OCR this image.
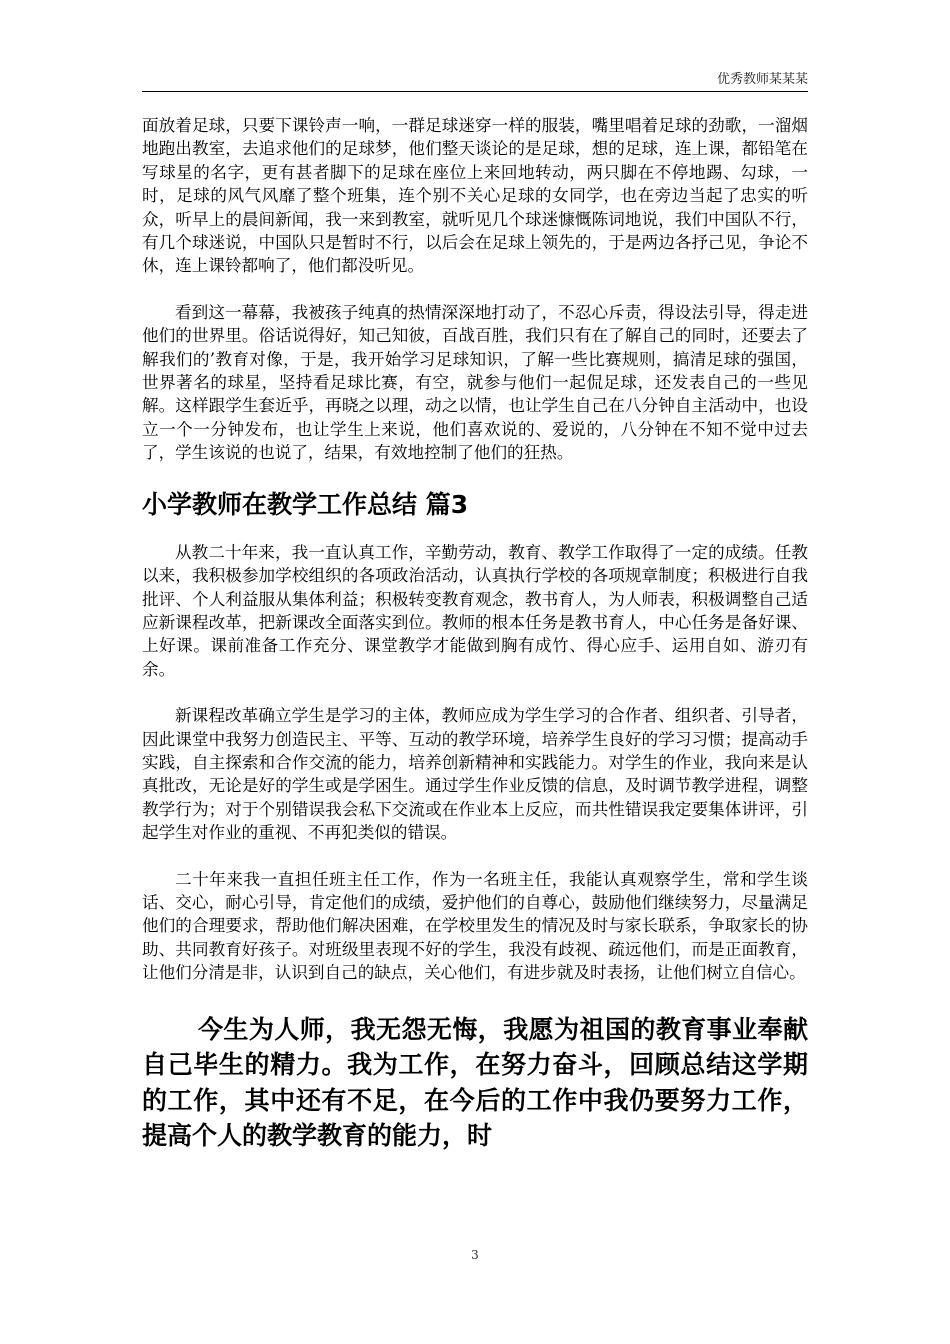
优秀教师某某某

面放着足球，只要下课铃声一响，一群足球迷穿一样的服装，嘴里唱着足球的劲歌，一溜烟地跑出教室，去追求他们的足球梦，他们整天谈论的是足球，想的足球，连上课，都铅笔在写球星的名字，更有甚者脚下的足球在座位上来回地转动，两只脚在不停地踢、勾球，一时，足球的风气风靡了整个班集，连个别不关心足球的女同学，也在旁边当起了忠实的听众，听早上的晨间新闻，我一来到教室，就听见几个球迷慷慨陈词地说，我们中国队不行，有几个球迷说，中国队只是暂时不行，以后会在足球上领先的，于是两边各抒己见，争论不休，连上课铃都响了，他们都没听见。

看到这一幕幕，我被孩子纯真的热情深深地打动了，不忍心斥责，得设法引导，得走进他们的世界里。俗话说得好，知己知彼，百战百胜，我们只有在了解自己的同时，还要去了解我们的’教育对像，于是，我开始学习足球知识，了解一些比赛规则，搞清足球的强国，世界著名的球星，坚持看足球比赛，有空，就参与他们一起侃足球，还发表自己的一些见解。这样跟学生套近乎，再晓之以理，动之以情，也让学生自己在八分钟自主活动中，也设立一个一分钟发布，也让学生上来说，他们喜欢说的、爱说的，八分钟在不知不觉中过去了，学生该说的也说了，结果，有效地控制了他们的狂热。

小学教师在教学工作总结 篇3

从教二十年来，我一直认真工作，辛勤劳动，教育、教学工作取得了一定的成绩。任教以来，我积极参加学校组织的各项政治活动，认真执行学校的各项规章制度；积极进行自我批评、个人利益服从集体利益；积极转变教育观念，教书育人，为人师表，积极调整自己适应新课程改革，把新课改全面落实到位。教师的根本任务是教书育人，中心任务是备好课、上好课。课前准备工作充分、课堂教学才能做到胸有成竹、得心应手、运用自如、游刃有余。

新课程改革确立学生是学习的主体，教师应成为学生学习的合作者、组织者、引导者，因此课堂中我努力创造民主、平等、互动的教学环境，培养学生良好的学习习惯；提高动手实践，自主探索和合作交流的能力，培养创新精神和实践能力。对学生的作业，我向来是认真批改，无论是好的学生或是学困生。通过学生作业反馈的信息，及时调节教学进程，调整教学行为；对于个别错误我会私下交流或在作业本上反应，而共性错误我定要集体讲评，引起学生对作业的重视、不再犯类似的错误。

二十年来我一直担任班主任工作，作为一名班主任，我能认真观察学生，常和学生谈话、交心，耐心引导，肯定他们的成绩，爱护他们的自尊心，鼓励他们继续努力，尽量满足他们的合理要求，帮助他们解决困难，在学校里发生的情况及时与家长联系，争取家长的协助、共同教育好孩子。对班级里表现不好的学生，我没有歧视、疏远他们，而是正面教育，让他们分清是非，认识到自己的缺点，关心他们，有进步就及时表扬，让他们树立自信心。

今生为人师，我无怨无悔，我愿为祖国的教育事业奉献自己毕生的精力。我为工作，在努力奋斗，回顾总结这学期的工作，其中还有不足，在今后的工作中我仍要努力工作，提高个人的教学教育的能力，时

3
